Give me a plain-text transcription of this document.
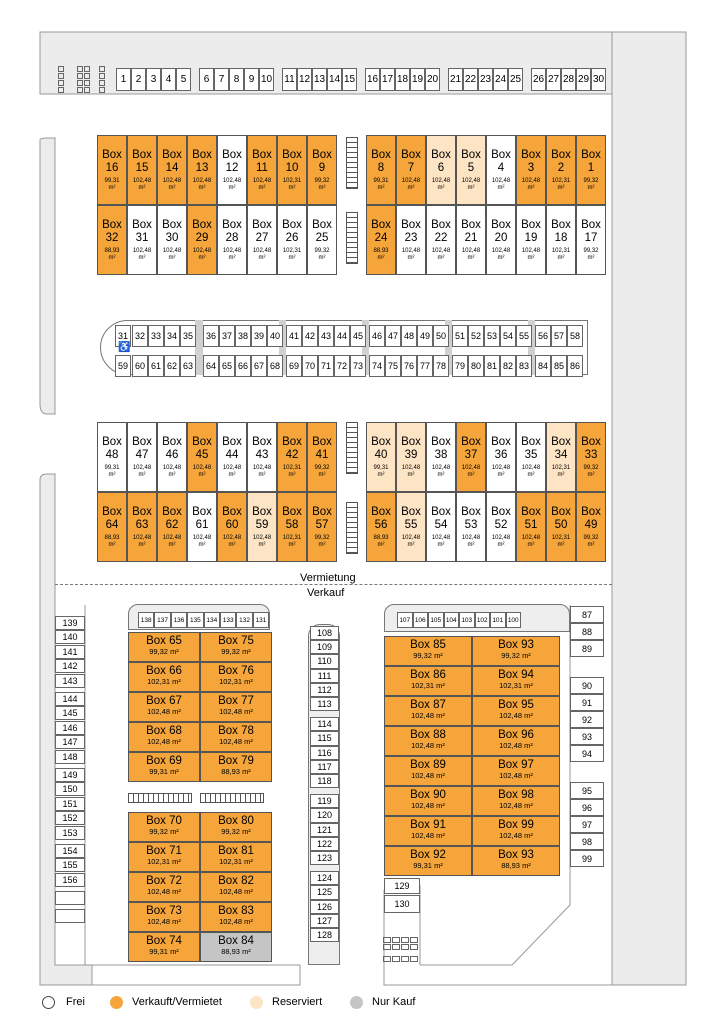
1 2 3 4 5	6 7 8 9 10 11 12 13 14 15 16 17 18 19 20 21 22 23 24 25 26 27 28 29 30
Box
16
99,31
m²
Box
15
102,48
m²
Box
14
102,48
m²
Box
13
102,48
m²
Box
12
102,48
m²
Box
11
102,48
m²
Box
10
102,31
m²
Box
9
99,32
m²
Box
32
88,93
m²
Box
31
102,48
m²
Box
30
102,48
m²
Box
29
102,48
m²
Box
28
102,48
m²
Box
27
102,48
m²
Box
26
102,31
m²
Box
25
99,32
m²
Box
8
99,31
m²
Box
7
102,48
m²
Box
6
102,48
m²
Box
5
102,48
m²
Box
4
102,48
m²
Box
3
102,48
m²
Box
2
102,31
m²
Box
1
99,32
m²
Box
24
88,93
m²
Box
23
102,48
m²
Box
22
102,48
m²
Box
21
102,48
m²
Box
20
102,48
m²
Box
19
102,48
m²
Box
18
102,31
m²
Box
17
99,32
m²
Box
48
99,31
m²
Box
47
102,48
m²
Box
46
102,48
m²
Box
45
102,48
m²
Box
44
102,48
m²
Box
43
102,48
m²
Box
42
102,31
m²
Box
41
99,32
m²
Box
64
88,93
m²
Box
63
102,48
m²
Box
62
102,48
m²
Box
61
102,48
m²
Box
60
102,48
m²
Box
59
102,48
m²
Box
58
102,31
m²
Box
57
99,32
m²
Box
40
99,31
m²
Box
39
102,48
m²
Box
38
102,48
m²
Box
37
102,48
m²
Box
36
102,48
m²
Box
35
102,48
m²
Box
34
102,31
m²
Box
33
99,32
m²
Box
56
88,93
m²
Box
55
102,48
m²
Box
54
102,48
m²
Box
53
102,48
m²
Box
52
102,48
m²
Box
51
102,48
m²
Box
50
102,31
m²
Box
49
99,32
m²
31 32 33 34 35	36 37 38 39 40 41 42 43 44 45 46 47 48 49 50 51 52 53 54 55 56 57 58
59 60 61 62 63	64 65 66 67 68 69 70 71 72 73 74 75 76 77 78 79 80 81 82 83 84 85 86
♿
Vermietung
Verkauf
139
140
141
142
143
144
145
146
147
148
149
150
151
152
153
154
155
156
138 137 136 135 134 133 132 131
Box 65
99,32 m²
Box 75
99,32 m²
Box 66
102,31 m²
Box 76
102,31 m²
Box 67
102,48 m²
Box 77
102,48 m²
Box 68
102,48 m²
Box 78
102,48 m²
Box 69
99,31 m²
Box 79
88,93 m²
Box 70
99,32 m²
Box 80
99,32 m²
Box 71
102,31 m²
Box 81
102,31 m²
Box 72
102,48 m²
Box 82
102,48 m²
Box 73
102,48 m²
Box 83
102,48 m²
Box 74
99,31 m²
Box 84
88,93 m²
108
109
110
111
112
113
114
115
116
117
118
119
120
121
122
123
124
125
126
127
128
107 106 105 104 103 102 101 100
Box 85
99,32 m²
Box 93
99,32 m²
Box 86
102,31 m²
Box 94
102,31 m²
Box 87
102,48 m²
Box 95
102,48 m²
Box 88
102,48 m²
Box 96
102,48 m²
Box 89
102,48 m²
Box 97
102,48 m²
Box 90
102,48 m²
Box 98
102,48 m²
Box 91
102,48 m²
Box 99
102,48 m²
Box 92
99,31 m²
Box 93
88,93 m²
129
130
87
88
89
90
91
92
93
94
95
96
97
98
99
Frei	Verkauft/Vermietet	Reserviert	Nur Kauf
